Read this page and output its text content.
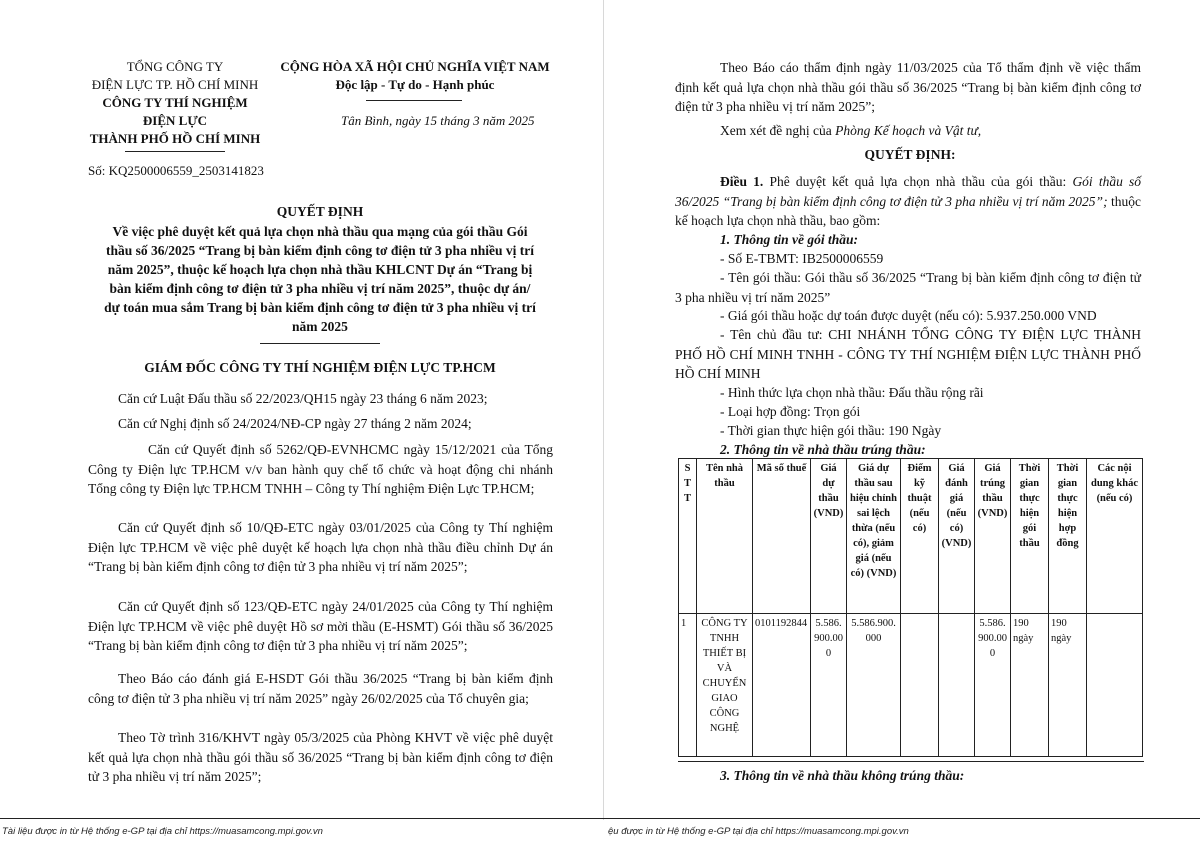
TỔNG CÔNG TY
ĐIỆN LỰC TP. HỒ CHÍ MINH
CÔNG TY THÍ NGHIỆM
ĐIỆN LỰC
THÀNH PHỐ HỒ CHÍ MINH
Số: KQ2500006559_2503141823
CỘNG HÒA XÃ HỘI CHỦ NGHĨA VIỆT NAM
Độc lập - Tự do - Hạnh phúc
Tân Bình, ngày 15 tháng 3 năm 2025
QUYẾT ĐỊNH
Về việc phê duyệt kết quả lựa chọn nhà thầu qua mạng của gói thầu Gói
thầu số 36/2025 “Trang bị bàn kiểm định công tơ điện tử 3 pha nhiều vị trí
năm 2025”, thuộc kế hoạch lựa chọn nhà thầu KHLCNT Dự án “Trang bị
bàn kiểm định công tơ điện tử 3 pha nhiều vị trí năm 2025”, thuộc dự án/
dự toán mua sắm Trang bị bàn kiểm định công tơ điện tử 3 pha nhiều vị trí
năm 2025
GIÁM ĐỐC CÔNG TY THÍ NGHIỆM ĐIỆN LỰC TP.HCM
Căn cứ Luật Đấu thầu số 22/2023/QH15 ngày 23 tháng 6 năm 2023;
Căn cứ Nghị định số 24/2024/NĐ-CP ngày 27 tháng 2 năm 2024;
Căn cứ Quyết định số 5262/QĐ-EVNHCMC ngày 15/12/2021 của Tổng Công ty Điện lực TP.HCM v/v ban hành quy chế tổ chức và hoạt động chi nhánh Tổng công ty Điện lực TP.HCM TNHH – Công ty Thí nghiệm Điện Lực TP.HCM;
Căn cứ Quyết định số 10/QĐ-ETC ngày 03/01/2025 của Công ty Thí nghiệm Điện lực TP.HCM về việc phê duyệt kế hoạch lựa chọn nhà thầu điều chỉnh Dự án “Trang bị bàn kiểm định công tơ điện tử 3 pha nhiều vị trí năm 2025”;
Căn cứ Quyết định số 123/QĐ-ETC ngày 24/01/2025 của Công ty Thí nghiệm Điện lực TP.HCM về việc phê duyệt Hồ sơ mời thầu (E-HSMT) Gói thầu số 36/2025 “Trang bị bàn kiểm định công tơ điện tử 3 pha nhiều vị trí năm 2025”;
Theo Báo cáo đánh giá E-HSDT Gói thầu 36/2025 “Trang bị bàn kiểm định công tơ điện tử 3 pha nhiều vị trí năm 2025” ngày 26/02/2025 của Tổ chuyên gia;
Theo Tờ trình 316/KHVT ngày 05/3/2025 của Phòng KHVT về việc phê duyệt kết quả lựa chọn nhà thầu gói thầu số 36/2025 “Trang bị bàn kiểm định công tơ điện tử 3 pha nhiều vị trí năm 2025”;
Tài liệu được in từ Hệ thống e-GP tại địa chỉ https://muasamcong.mpi.gov.vn
Theo Báo cáo thẩm định ngày 11/03/2025 của Tổ thẩm định về việc thẩm định kết quả lựa chọn nhà thầu gói thầu số 36/2025 “Trang bị bàn kiểm định công tơ điện tử 3 pha nhiều vị trí năm 2025”;
Xem xét đề nghị của Phòng Kế hoạch và Vật tư,
QUYẾT ĐỊNH:
Điều 1. Phê duyệt kết quả lựa chọn nhà thầu của gói thầu: Gói thầu số 36/2025 “Trang bị bàn kiểm định công tơ điện tử 3 pha nhiều vị trí năm 2025”; thuộc kế hoạch lựa chọn nhà thầu, bao gồm:
1. Thông tin về gói thầu:
- Số E-TBMT: IB2500006559
- Tên gói thầu: Gói thầu số 36/2025 “Trang bị bàn kiểm định công tơ điện tử 3 pha nhiều vị trí năm 2025”
- Giá gói thầu hoặc dự toán được duyệt (nếu có): 5.937.250.000 VND
- Tên chủ đầu tư: CHI NHÁNH TỔNG CÔNG TY ĐIỆN LỰC THÀNH PHỐ HỒ CHÍ MINH TNHH - CÔNG TY THÍ NGHIỆM ĐIỆN LỰC THÀNH PHỐ HỒ CHÍ MINH
- Hình thức lựa chọn nhà thầu: Đấu thầu rộng rãi
- Loại hợp đồng: Trọn gói
- Thời gian thực hiện gói thầu: 190 Ngày
2. Thông tin về nhà thầu trúng thầu:
S T T	Tên nhà thầu	Mã số thuế	Giá dự thầu (VND)	Giá dự thầu sau hiệu chỉnh sai lệch thừa (nếu có), giảm giá (nếu có) (VND)	Điểm kỹ thuật (nếu có)	Giá đánh giá (nếu có) (VND)	Giá trúng thầu (VND)	Thời gian thực hiện gói thầu	Thời gian thực hiện hợp đồng	Các nội dung khác (nếu có)
1	CÔNG TY TNHH THIẾT BỊ VÀ CHUYỂN GIAO CÔNG NGHỆ	0101192844	5.586.900.000	5.586.900.000			5.586.900.000	190 ngày	190 ngày	
3. Thông tin về nhà thầu không trúng thầu:
ệu được in từ Hệ thống e-GP tại địa chỉ https://muasamcong.mpi.gov.vn
